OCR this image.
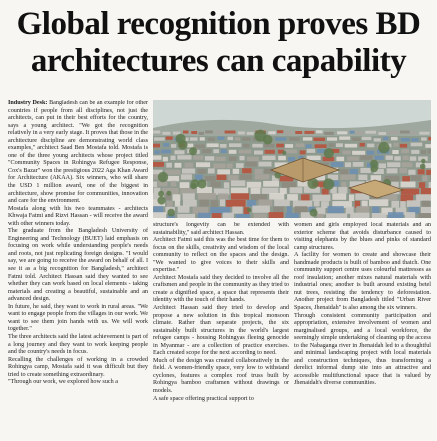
Global recognition proves BD
architectures can capability

Industry Desk: Bangladesh can be an example for other countries if people from all disciplines, not just the architects, can put in their best efforts for the country, says a young architect. "We got the recognition relatively in a very early stage. It proves that those in the architecture discipline are demonstrating world class examples," architect Saad Ben Mostafa told. Mostafa is one of the three young architects whose project titled "Community Spaces in Rohingya Refugee Response, Cox's Bazar" won the prestigious 2022 Aga Khan Award for Architecture (AKAA). Six winners, who will share the USD 1 million award, one of the biggest in architecture, show promise for communities, innovation and care for the environment.

Mostafa along with his two teammates - architects Khwaja Fatmi and Rizvi Hassan - will receive the award with other winners today.

The graduate from the Bangladesh University of Engineering and Technology (BUET) laid emphasis on focusing on work while understanding people's needs and roots, not just replicating foreign designs. "I would say, we are going to receive the award on behalf of all. I see it as a big recognition for Bangladesh," architect Fatmi told. Architect Hassan said they wanted to see whether they can work based on local elements - taking materials and creating a beautiful, sustainable and an advanced design.

In future, he said, they want to work in rural areas. "We want to engage people from the villages in our work. We want to see them join hands with us. We will work together."

The three architects said the latest achievement is part of a long journey and they want to work keeping people and the country's needs in focus.

Recalling the challenges of working in a crowded Rohingya camp, Mostafa said it was difficult but they tried to create something extraordinary.

"Through our work, we explored how such a

structure's longevity can be extended with sustainability," said architect Hassan.

Architect Fatmi said this was the best time for them to focus on the skills, creativity and wisdom of the local community to reflect on the spaces and the design. "We wanted to give voices to their skills and expertise."

Architect Mostafa said they decided to involve all the craftsmen and people in the community as they tried to create a dignified space, a space that represents their identity with the touch of their hands.

Architect Hassan said they tried to develop and propose a new solution in this tropical monsoon climate. Rather than separate projects, the six sustainably built structures in the world's largest refugee camps - housing Rohingyas fleeing genocide in Myanmar - are a collection of practice exercises. Each created scope for the next according to need.

Much of the design was created collaboratively in the field. A women-friendly space, very low to withstand cyclones, features a complex roof truss built by Rohingya bamboo craftsmen without drawings or models.

A safe space offering practical support to

women and girls employed local materials and an exterior scheme that avoids disturbance caused to visiting elephants by the blues and pinks of standard camp structures.

A facility for women to create and showcase their handmade products is built of bamboo and thatch. One community support centre uses colourful mattresses as roof insulation; another mixes natural materials with industrial ones; another is built around existing betel nut trees, resisting the tendency to deforestation. Another project from Bangladesh titled "Urban River Spaces, Jhenaidah" is also among the six winners.

Through consistent community participation and appropriation, extensive involvement of women and marginalised groups, and a local workforce, the seemingly simple undertaking of cleaning up the access to the Nabaganga river in Jhenaidah led to a thoughtful and minimal landscaping project with local materials and construction techniques, thus transforming a derelict informal dump site into an attractive and accessible multifunctional space that is valued by Jhenaidah's diverse communities.
